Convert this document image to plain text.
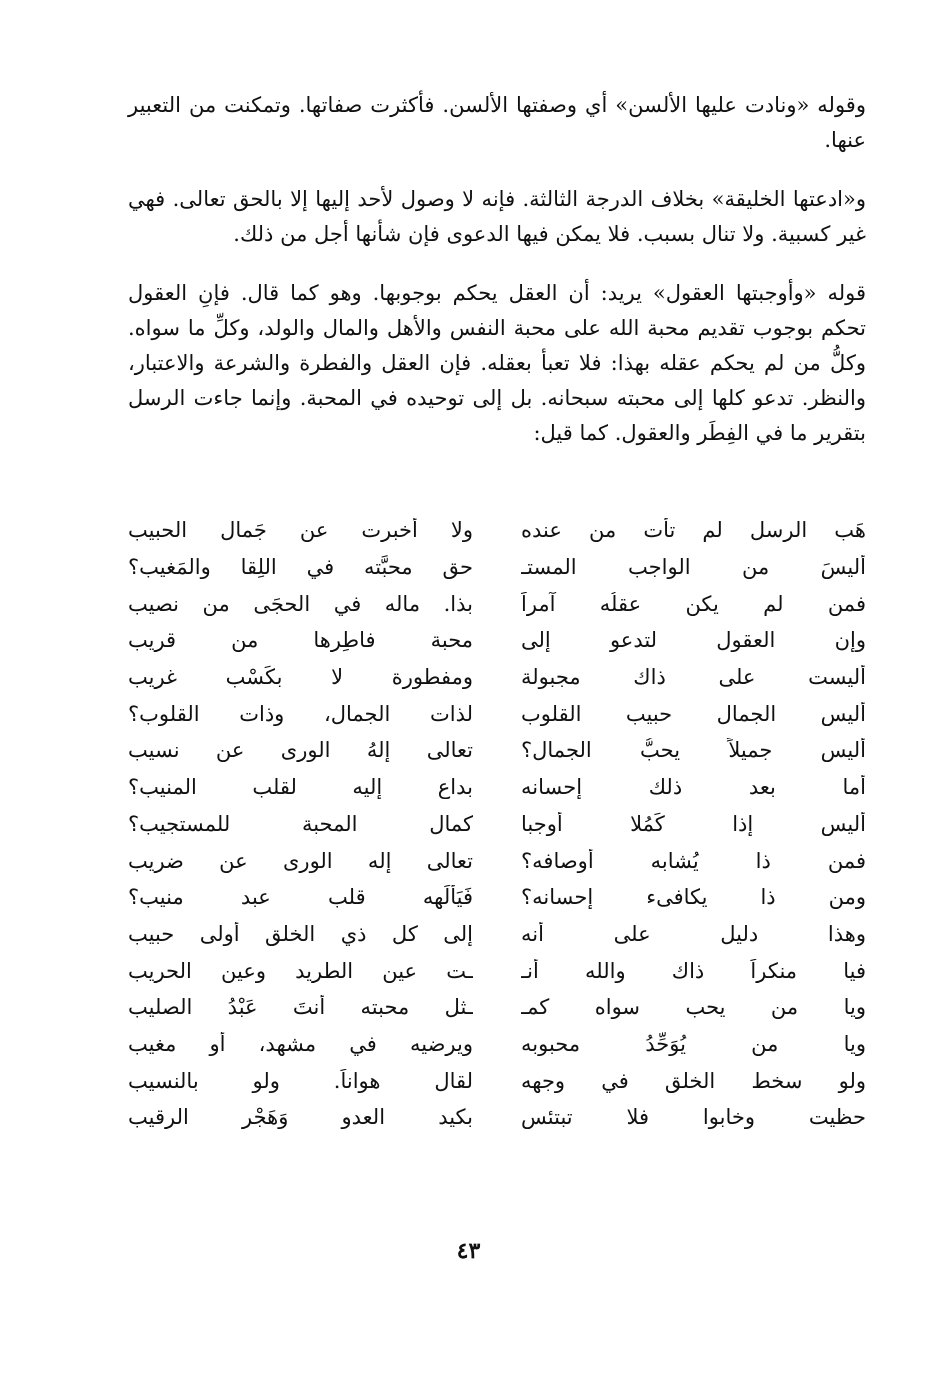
وقوله «ونادت عليها الألسن» أي وصفتها الألسن. فأكثرت صفاتها. وتمكنت من التعبير عنها.

و«ادعتها الخليقة» بخلاف الدرجة الثالثة. فإنه لا وصول لأحد إليها إلا بالحق تعالى. فهي غير كسبية. ولا تنال بسبب. فلا يمكن فيها الدعوى فإن شأنها أجل من ذلك.

قوله «وأوجبتها العقول» يريد: أن العقل يحكم بوجوبها. وهو كما قال. فإنِ العقول تحكم بوجوب تقديم محبة الله على محبة النفس والأهل والمال والولد، وكلِّ ما سواه. وكلُّ من لم يحكم عقله بهذا: فلا تعبأ بعقله. فإن العقل والفطرة والشرعة والاعتبار، والنظر. تدعو كلها إلى محبته سبحانه. بل إلى توحيده في المحبة. وإنما جاءت الرسل بتقرير ما في الفِطَر والعقول. كما قيل:

هَب الرسل لم تأت من عنده
ولا أخبرت عن جَمال الحبيب
أليسَ من الواجب المستـ
حق محبَّته في اللِقا والمَغيب؟
فمن لم يكن عقلُه آمراً
بذا. ماله في الحجَى من نصيب
وإن العقول لتدعو إلى
محبة فاطِرها من قريب
أليست على ذاك مجبولة
ومفطورة لا بكَسْب غريب
أليس الجمال حبيب القلوب
لذات الجمال، وذات القلوب؟
أليس جميلاً يحبُّ الجمال؟
تعالى إلهُ الورى عن نسيب
أما بعد ذلك إحسانه
بداع إليه لقلب المنيب؟
أليس إذا كَمُلا أوجبا
كمال المحبة للمستجيب؟
فمن ذا يُشابه أوصافه؟
تعالى إله الورى عن ضريب
ومن ذا يكافىء إحسانه؟
فَيَألَهه قلب عبد منيب؟
وهذا دليل على أنه
إلى كل ذي الخلق أولى حبيب
فيا منكراً ذاك والله أنـ
ـت عين الطريد وعين الحريب
ويا من يحب سواه كمـ
ـثل محبته أنتَ عَبْدُ الصليب
ويا من يُوَحِّدُ محبوبه
ويرضيه في مشهد، أو مغيب
ولو سخط الخلق في وجهه
لقال هواناً. ولو بالنسيب
حظيت وخابوا فلا تبتئس
بكيد العدو وَهَجْرِ الرقيب
٤٣
